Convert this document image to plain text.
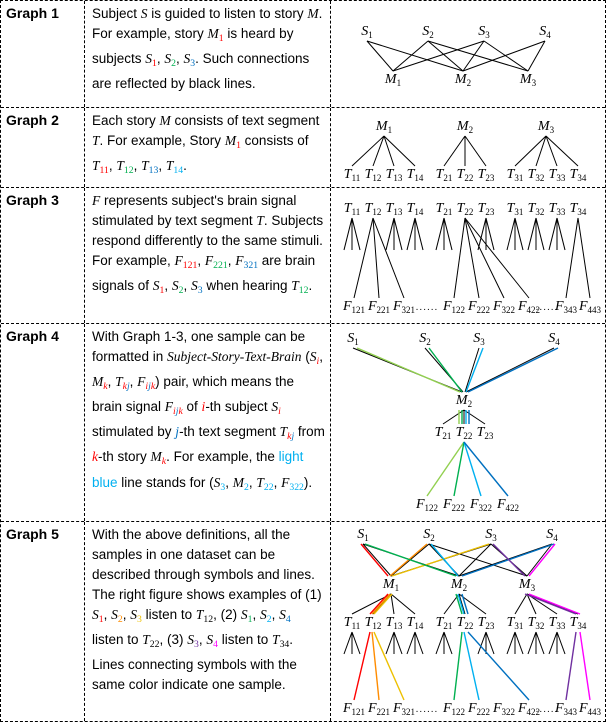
Graph 1	Subject S is guided to listen to story M. For example, story $M_1$ is heard by subjects $S_1$, $S_2$, $S_3$. Such connections are reflected by black lines.
$S_1$	$S_2$	$S_3$	$S_4$
$M_1$	$M_2$	$M_3$
Graph 2	Each story M consists of text segment T. For example, Story $M_1$ consists of $T_{11}$, $T_{12}$, $T_{13}$, $T_{14}$.
$M_1$	$M_2$	$M_3$
$T_{11}$ $T_{12}$ $T_{13}$ $T_{14}$ $T_{21}$ $T_{22}$ $T_{23}$ $T_{31}$ $T_{32}$ $T_{33}$ $T_{34}$
Graph 3	F represents subject's brain signal stimulated by text segment T. Subjects respond differently to the same stimuli. For example, $F_{121}$, $F_{221}$, $F_{321}$ are brain signals of $S_1$, $S_2$, $S_3$ when hearing $T_{12}$.
$T_{11}$ $T_{12}$ $T_{13}$ $T_{14}$ $T_{21}$ $T_{22}$ $T_{23}$ $T_{31}$ $T_{32}$ $T_{33}$ $T_{34}$
$F_{121}$ $F_{221}$ $F_{321}$ ...... $F_{122}$ $F_{222}$ $F_{322}$ $F_{422}$
......
$F_{343}$ $F_{443}$
Graph 4	With Graph 1-3, one sample can be formatted in Subject-Story-Text-Brain ($S_i$, $M_k$, $T_{kj}$, $F_{ijk}$) pair, which means the brain signal $F_{ijk}$ of i-th subject $S_i$ stimulated by j-th text segment $T_{kj}$ from k-th story $M_k$. For example, the light blue line stands for ($S_3$, $M_2$, $T_{22}$, $F_{322}$).
$S_1$	$S_2$	$S_3$	$S_4$
$M_2$
$T_{21}$ $T_{22}$ $T_{23}$
$F_{122}$ $F_{222}$ $F_{322}$ $F_{422}$
Graph 5	With the above definitions, all the samples in one dataset can be described through symbols and lines. The right figure shows examples of (1) $S_1$, $S_2$, $S_3$ listen to $T_{12}$, (2) $S_1$, $S_2$, $S_4$ listen to $T_{22}$, (3) $S_3$, $S_4$ listen to $T_{34}$. Lines connecting symbols with the same color indicate one sample.
$S_1$	$S_2$	$S_3$	$S_4$
$M_1$	$M_2$	$M_3$
$T_{11}$ $T_{12}$ $T_{13}$ $T_{14}$ $T_{21}$ $T_{22}$ $T_{23}$ $T_{31}$ $T_{32}$ $T_{33}$ $T_{34}$
$F_{121}$ $F_{221}$ $F_{321}$ ...... $F_{122}$ $F_{222}$ $F_{322}$ $F_{422}$
......
$F_{343}$ $F_{443}$
